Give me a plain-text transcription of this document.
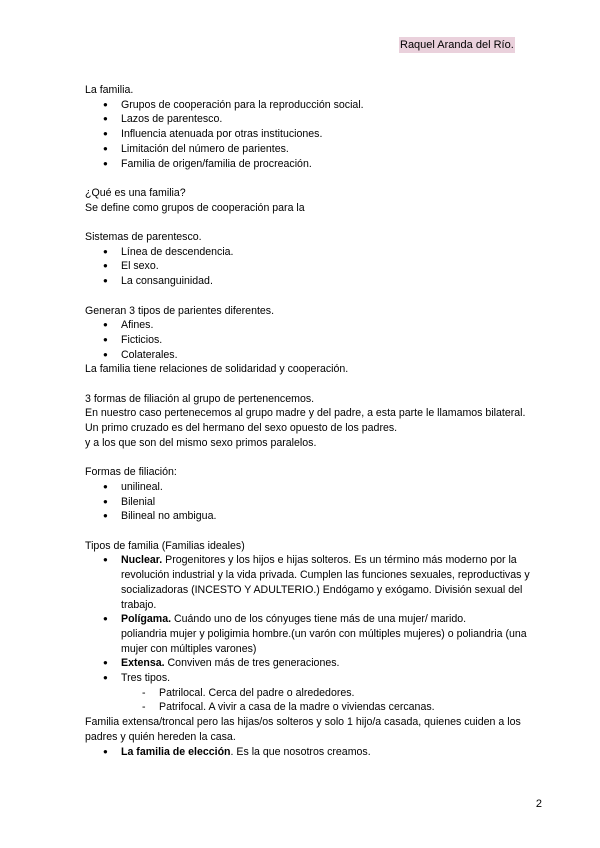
Raquel Aranda del Río.

La familia.

● Grupos de cooperación para la reproducción social.
● Lazos de parentesco.
● Influencia atenuada por otras instituciones.
● Limitación del número de parientes.
● Familia de origen/familia de procreación.

¿Qué es una familia?

Se define como grupos de cooperación para la

Sistemas de parentesco.

● Línea de descendencia.
● El sexo.
● La consanguinidad.

Generan 3 tipos de parientes diferentes.

● Afines.
● Ficticios.
● Colaterales.

La familia tiene relaciones de solidaridad y cooperación.

3 formas de filiación al grupo de pertenencemos.

En nuestro caso pertenecemos al grupo madre y del padre, a esta parte le llamamos bilateral.

Un primo cruzado es del hermano del sexo opuesto de los padres.

y a los que son del mismo sexo primos paralelos.

Formas de filiación:

● unilineal.
● Bilenial
● Bilineal no ambigua.

Tipos de familia (Familias ideales)

● Nuclear. Progenitores y los hijos e hijas solteros. Es un término más moderno por la revolución industrial y la vida privada. Cumplen las funciones sexuales, reproductivas y socializadoras (INCESTO Y ADULTERIO.) Endógamo y exógamo. División sexual del trabajo.
● Polígama. Cuándo uno de los cónyuges tiene más de una mujer/ marido.
poliandria mujer y poligimia hombre.(un varón con múltiples mujeres) o poliandria (una mujer con múltiples varones)
● Extensa. Conviven más de tres generaciones.
● Tres tipos.
- Patrilocal. Cerca del padre o alrededores.
- Patrifocal. A vivir a casa de la madre o viviendas cercanas.

Familia extensa/troncal pero las hijas/os solteros y solo 1 hijo/a casada, quienes cuiden a los padres y quién hereden la casa.

● La familia de elección. Es la que nosotros creamos.
2
